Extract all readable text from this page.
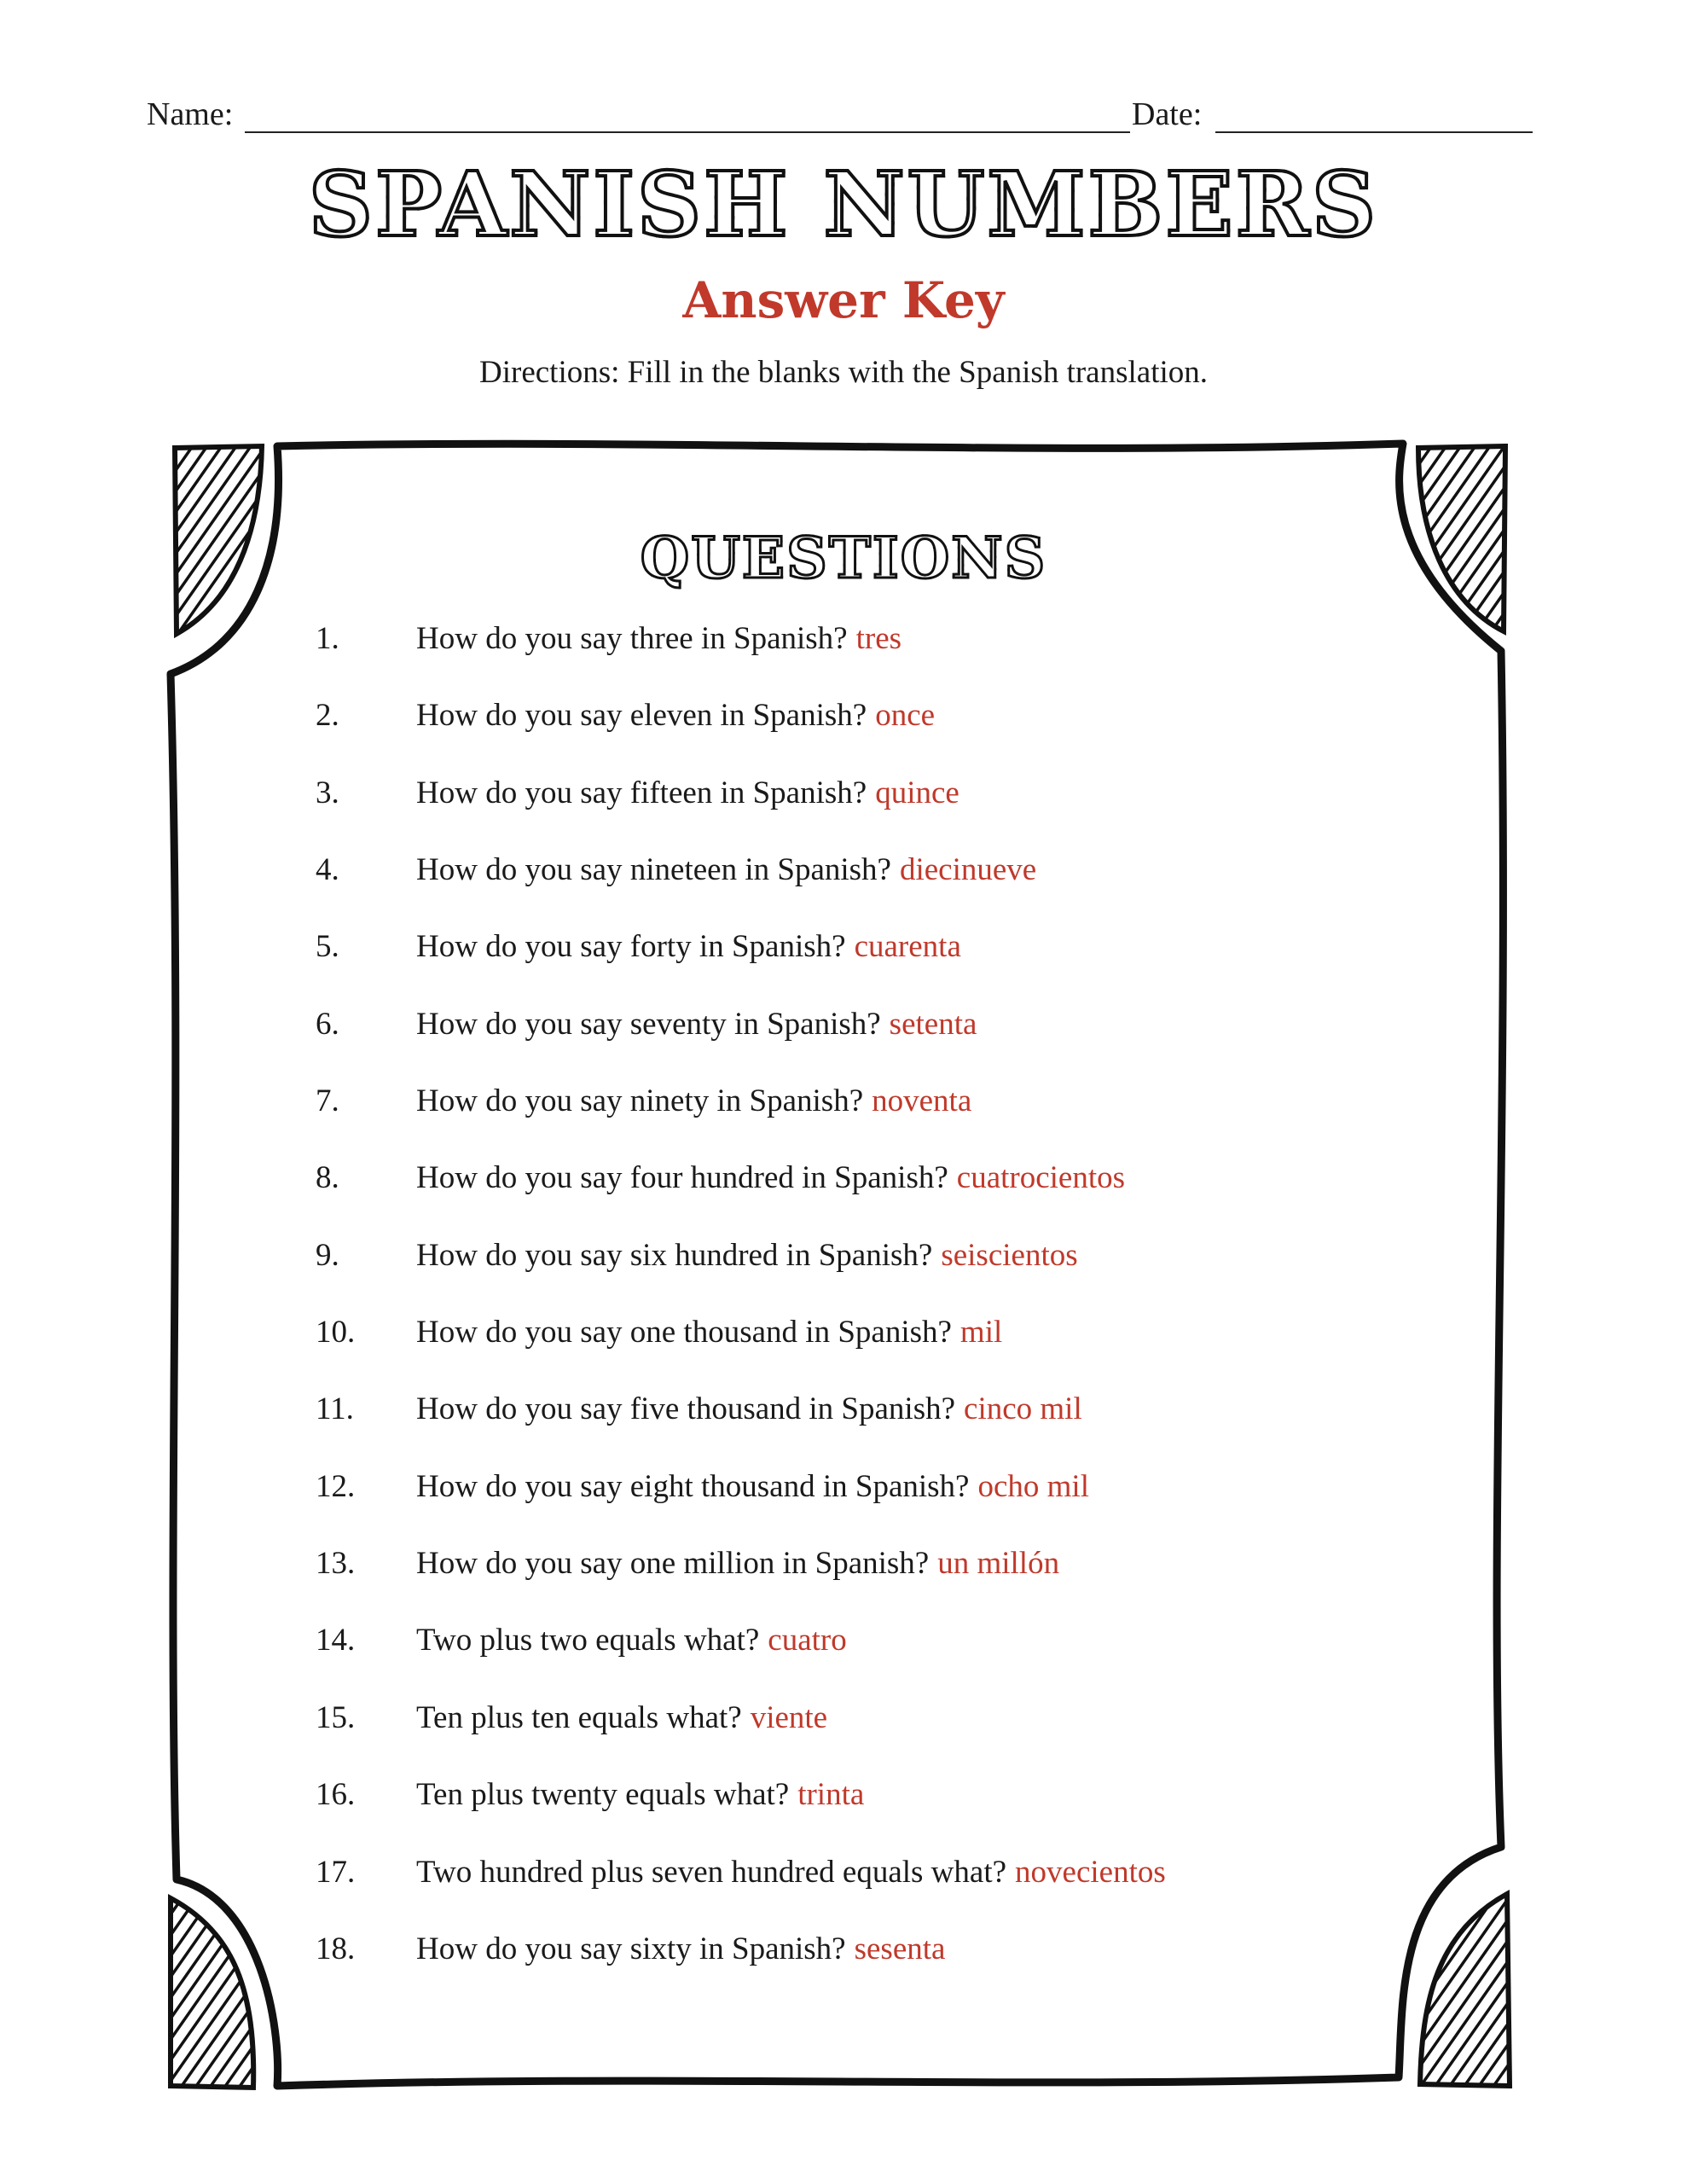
Name:	Date:
SPANISH NUMBERS
Answer Key
Directions: Fill in the blanks with the Spanish translation.
QUESTIONS
1.	How do you say three in Spanish? tres
2.	How do you say eleven in Spanish? once
3.	How do you say fifteen in Spanish? quince
4.	How do you say nineteen in Spanish? diecinueve
5.	How do you say forty in Spanish? cuarenta
6.	How do you say seventy in Spanish? setenta
7.	How do you say ninety in Spanish? noventa
8.	How do you say four hundred in Spanish? cuatrocientos
9.	How do you say six hundred in Spanish? seiscientos
10.	How do you say one thousand in Spanish? mil
11.	How do you say five thousand in Spanish? cinco mil
12.	How do you say eight thousand in Spanish? ocho mil
13.	How do you say one million in Spanish? un millón
14.	Two plus two equals what? cuatro
15.	Ten plus ten equals what? viente
16.	Ten plus twenty equals what? trinta
17.	Two hundred plus seven hundred equals what? novecientos
18.	How do you say sixty in Spanish? sesenta
